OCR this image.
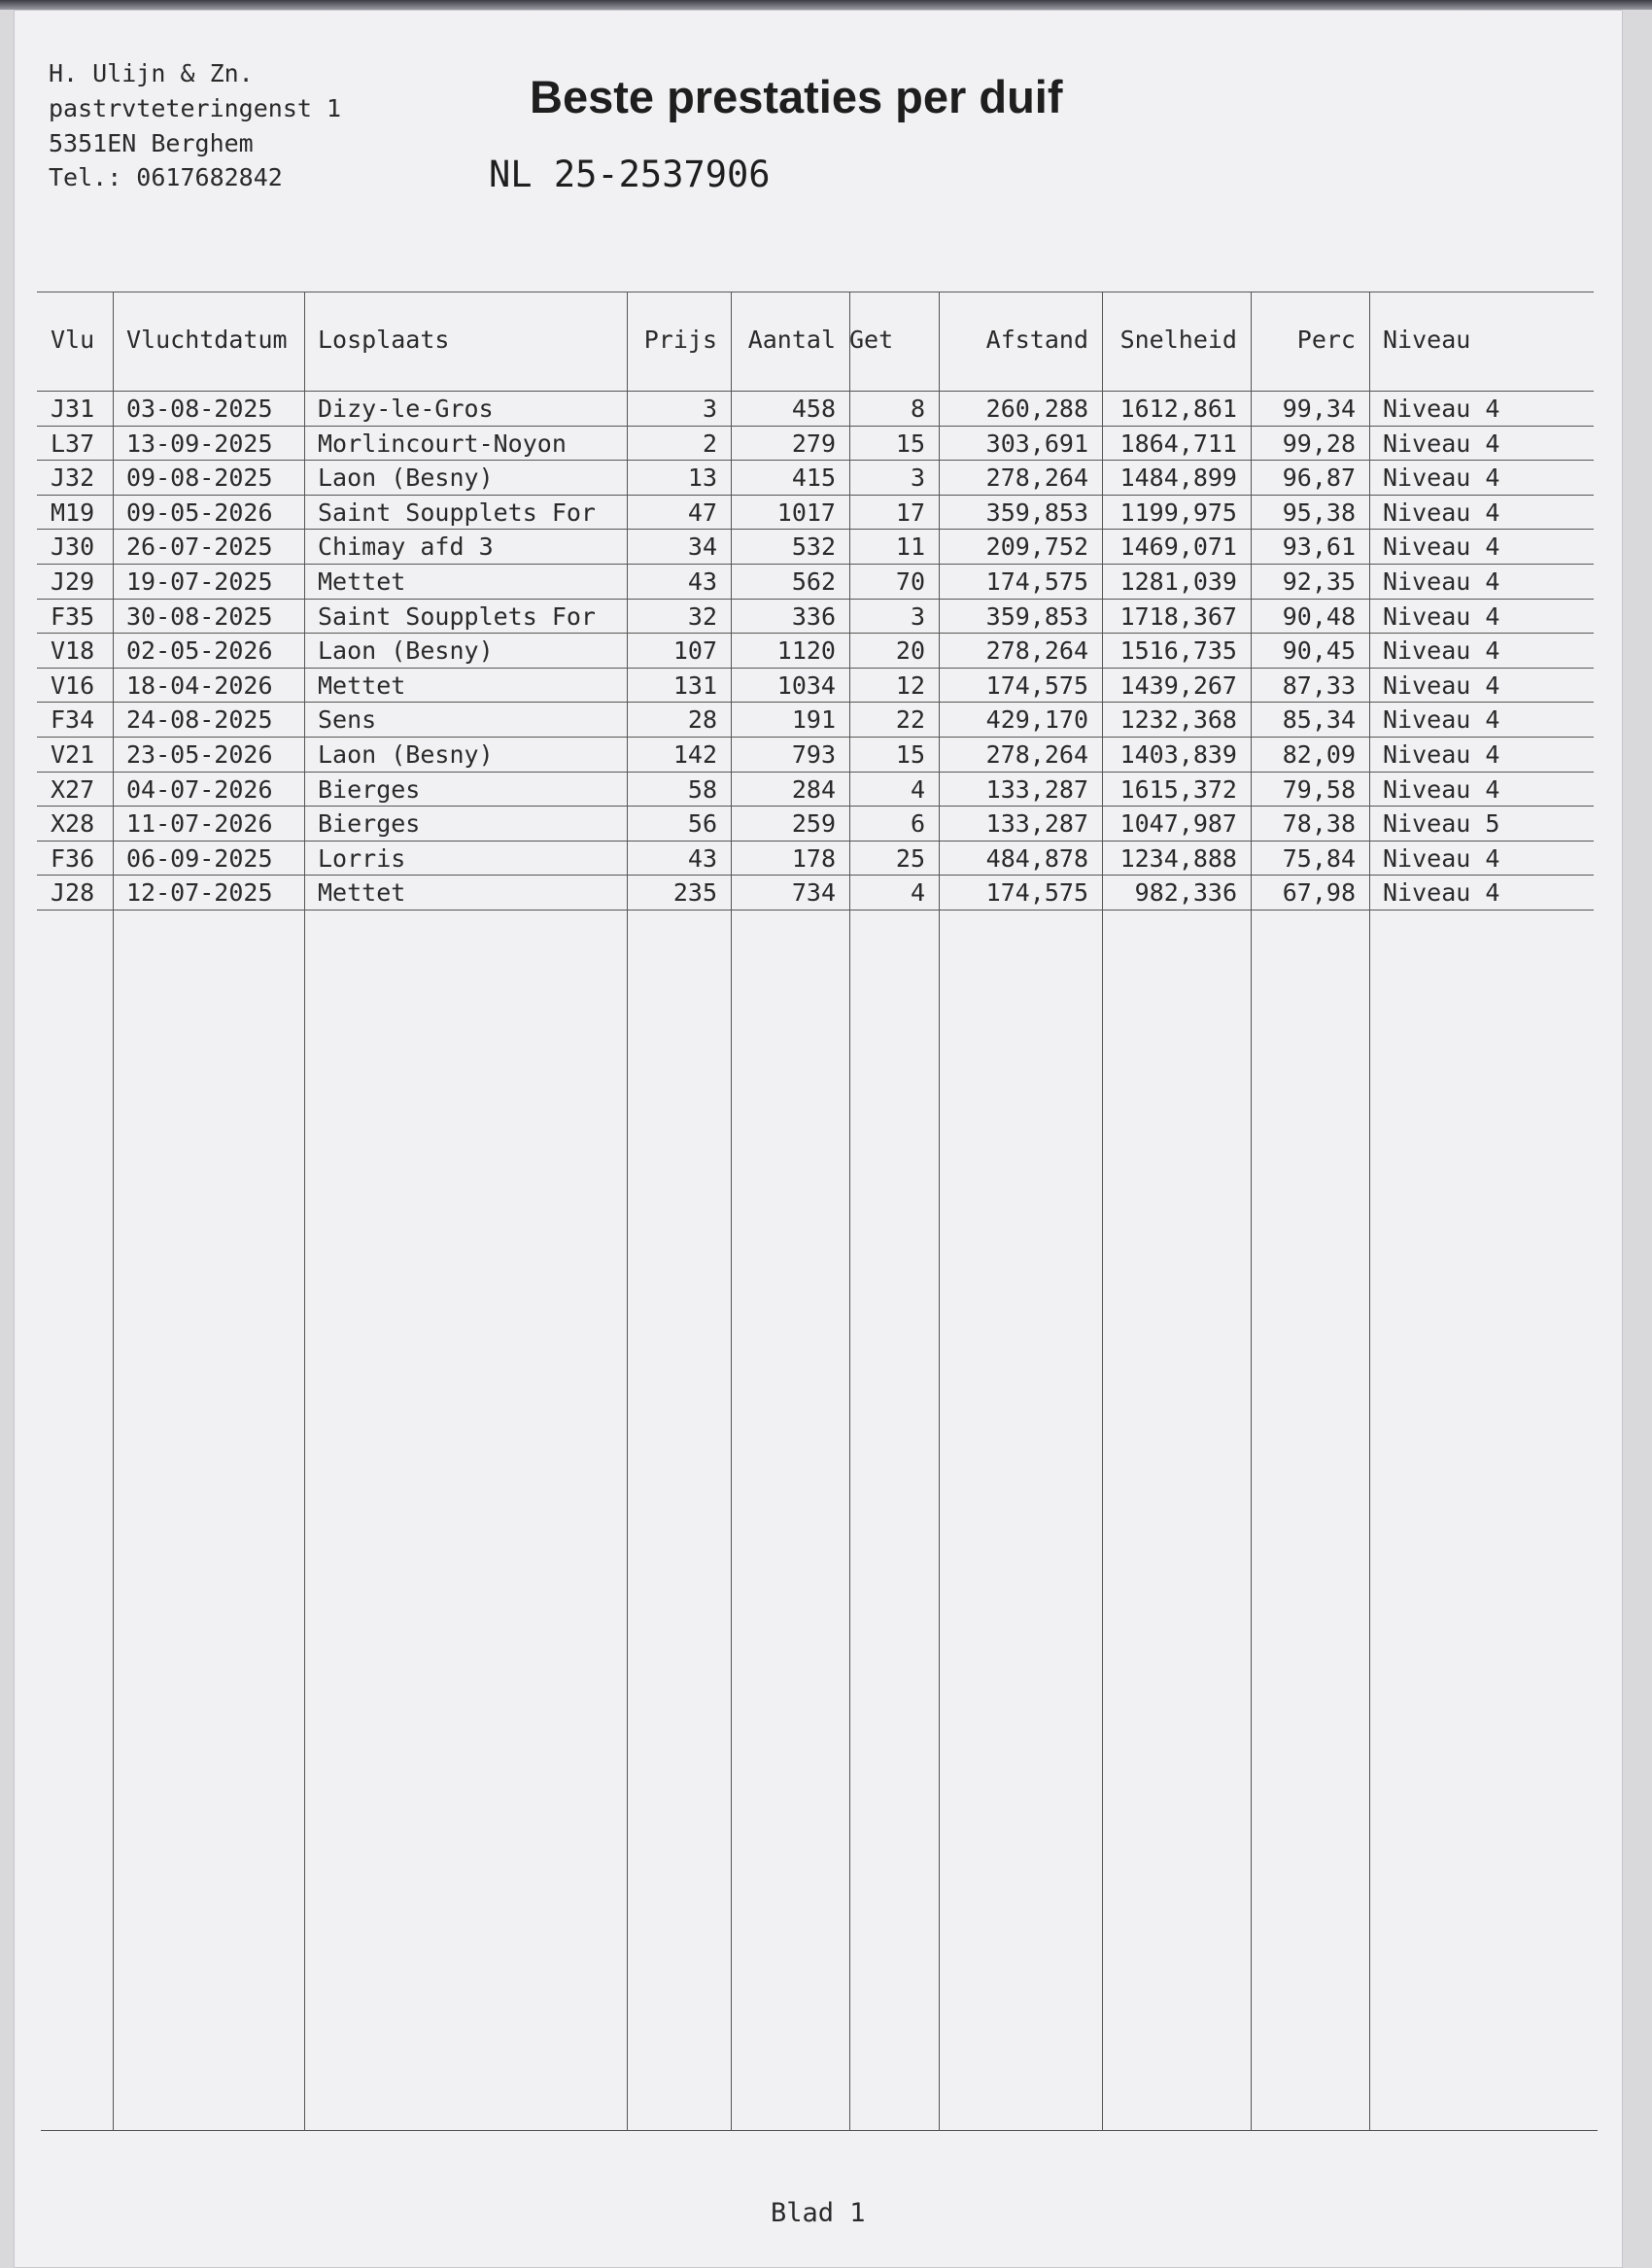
H. Ulijn & Zn.
pastrvteteringenst 1
5351EN Berghem
Tel.: 0617682842
Beste prestaties per duif
NL 25-2537906
Vlu	Vluchtdatum	Losplaats	Prijs	Aantal Get	Afstand	Snelheid	Perc	Niveau
J31 03-08-2025 Dizy-le-Gros	3	458	8	260,288	1612,861	99,34 Niveau 4
L37 13-09-2025 Morlincourt-Noyon	2	279	15	303,691	1864,711	99,28 Niveau 4
J32 09-08-2025 Laon (Besny)	13	415	3	278,264	1484,899	96,87 Niveau 4
M19 09-05-2026 Saint Soupplets For	47	1017	17	359,853	1199,975	95,38 Niveau 4
J30 26-07-2025 Chimay afd 3	34	532	11	209,752	1469,071	93,61 Niveau 4
J29 19-07-2025 Mettet	43	562	70	174,575	1281,039	92,35 Niveau 4
F35 30-08-2025 Saint Soupplets For	32	336	3	359,853	1718,367	90,48 Niveau 4
V18 02-05-2026 Laon (Besny)	107	1120	20	278,264	1516,735	90,45 Niveau 4
V16 18-04-2026 Mettet	131	1034	12	174,575	1439,267	87,33 Niveau 4
F34 24-08-2025 Sens	28	191	22	429,170	1232,368	85,34 Niveau 4
V21 23-05-2026 Laon (Besny)	142	793	15	278,264	1403,839	82,09 Niveau 4
X27 04-07-2026 Bierges	58	284	4	133,287	1615,372	79,58 Niveau 4
X28 11-07-2026 Bierges	56	259	6	133,287	1047,987	78,38 Niveau 5
F36 06-09-2025 Lorris	43	178	25	484,878	1234,888	75,84 Niveau 4
J28 12-07-2025 Mettet	235	734	4	174,575	982,336	67,98 Niveau 4
Blad 1
